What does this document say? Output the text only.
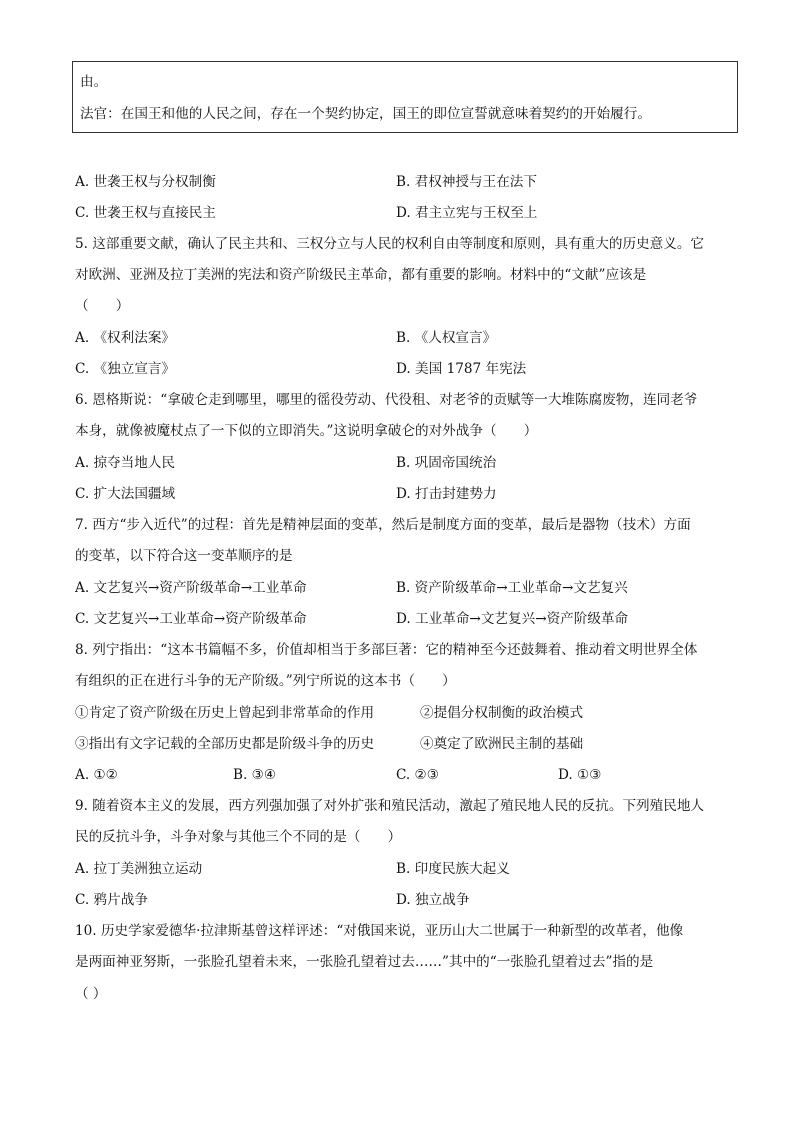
由。
法官：在国王和他的人民之间，存在一个契约协定，国王的即位宣誓就意味着契约的开始履行。
A. 世袭王权与分权制衡	B. 君权神授与王在法下
C. 世袭王权与直接民主	D. 君主立宪与王权至上
5. 这部重要文献，确认了民主共和、三权分立与人民的权利自由等制度和原则，具有重大的历史意义。它
对欧洲、亚洲及拉丁美洲的宪法和资产阶级民主革命，都有重要的影响。材料中的“文献”应该是
（　　）
A. 《权利法案》	B. 《人权宣言》
C. 《独立宣言》	D. 美国 1787 年宪法
6. 恩格斯说：“拿破仑走到哪里，哪里的徭役劳动、代役租、对老爷的贡赋等一大堆陈腐废物，连同老爷
本身，就像被魔杖点了一下似的立即消失。”这说明拿破仑的对外战争（　　）
A. 掠夺当地人民	B. 巩固帝国统治
C. 扩大法国疆域	D. 打击封建势力
7. 西方“步入近代”的过程：首先是精神层面的变革，然后是制度方面的变革，最后是器物（技术）方面
的变革，以下符合这一变革顺序的是
A. 文艺复兴→资产阶级革命→工业革命	B. 资产阶级革命→工业革命→文艺复兴
C. 文艺复兴→工业革命→资产阶级革命	D. 工业革命→文艺复兴→资产阶级革命
8. 列宁指出：“这本书篇幅不多，价值却相当于多部巨著：它的精神至今还鼓舞着、推动着文明世界全体
有组织的正在进行斗争的无产阶级。”列宁所说的这本书（　　）
①肯定了资产阶级在历史上曾起到非常革命的作用	②提倡分权制衡的政治模式
③指出有文字记载的全部历史都是阶级斗争的历史	④奠定了欧洲民主制的基础
A. ①②	B. ③④	C. ②③	D. ①③
9. 随着资本主义的发展，西方列强加强了对外扩张和殖民活动，激起了殖民地人民的反抗。下列殖民地人
民的反抗斗争，斗争对象与其他三个不同的是（　　）
A. 拉丁美洲独立运动	B. 印度民族大起义
C. 鸦片战争	D. 独立战争
10. 历史学家爱德华·拉津斯基曾这样评述：“对俄国来说，亚历山大二世属于一种新型的改革者，他像
是两面神亚努斯，一张脸孔望着未来，一张脸孔望着过去……”其中的“一张脸孔望着过去”指的是
（ ）
